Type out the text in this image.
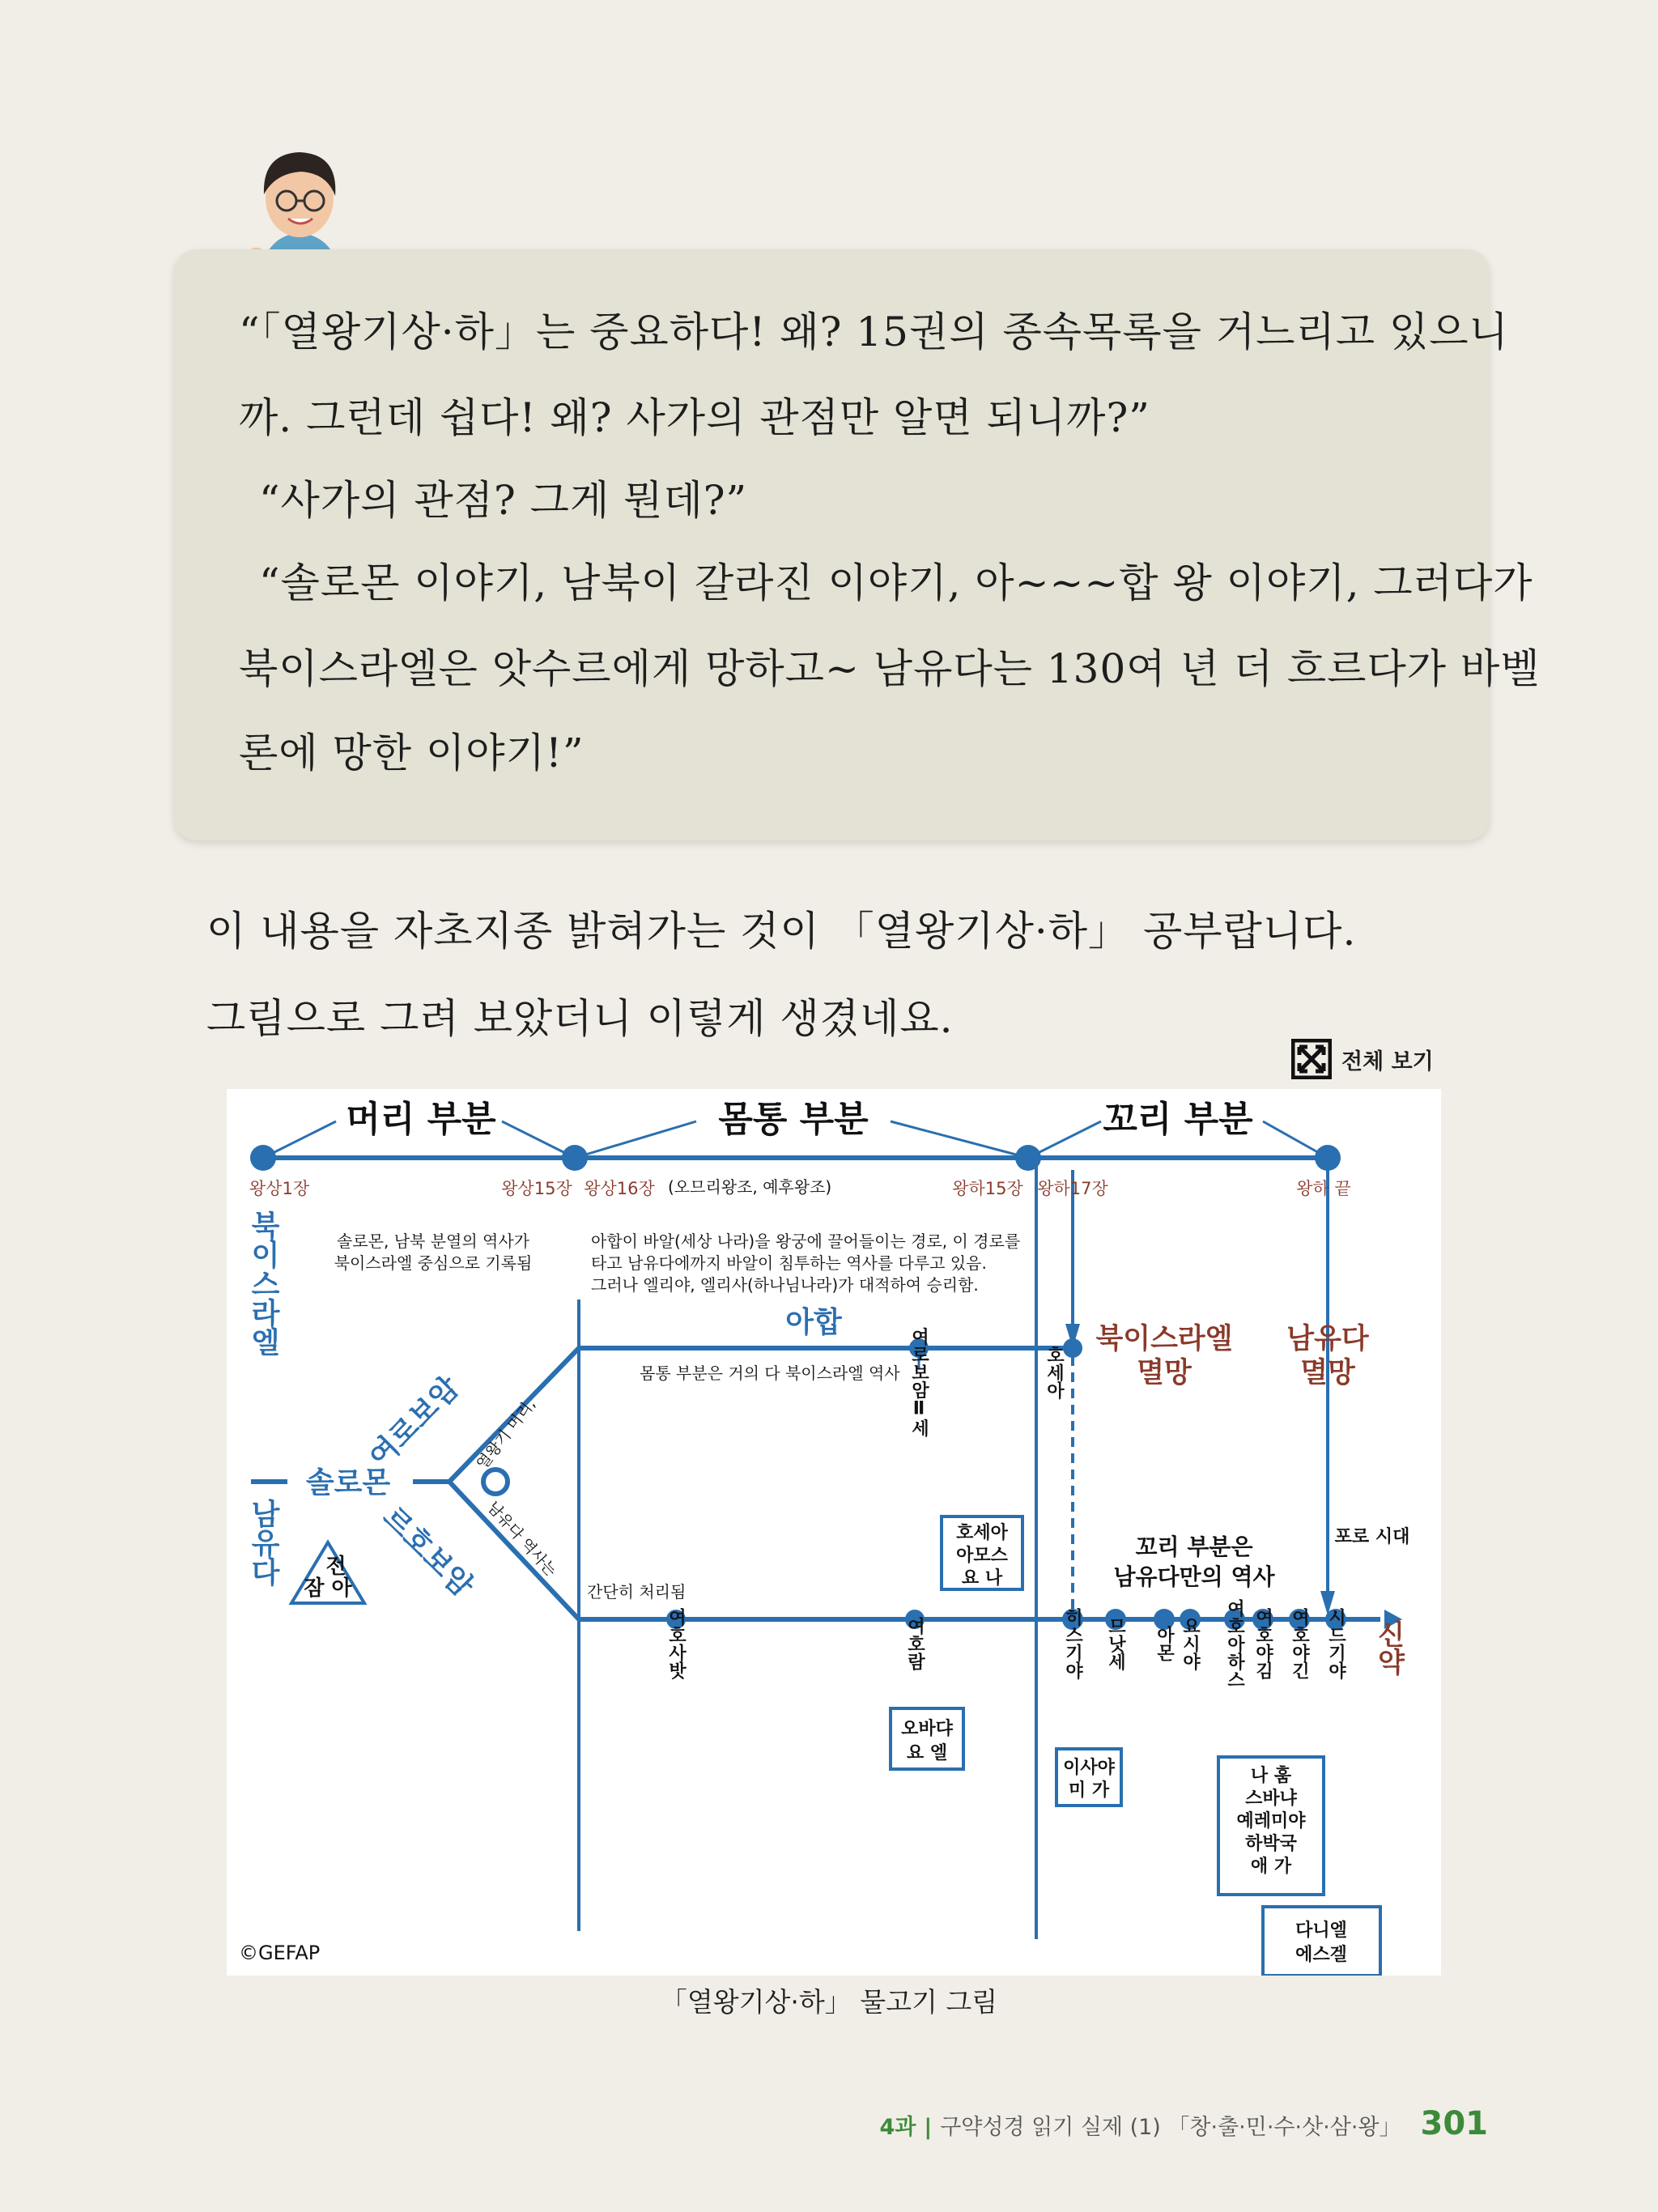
“「열왕기상·하」는 중요하다! 왜? 15권의 종속목록을 거느리고 있으니

까. 그런데 쉽다! 왜? 사가의 관점만 알면 되니까?”

“사가의 관점? 그게 뭔데?”

“솔로몬 이야기, 남북이 갈라진 이야기, 아~~~합 왕 이야기, 그러다가

북이스라엘은 앗수르에게 망하고~ 남유다는 130여 년 더 흐르다가 바벨

론에 망한 이야기!”

이 내용을 자초지종 밝혀가는 것이 「열왕기상·하」 공부랍니다.

그림으로 그려 보았더니 이렇게 생겼네요.

전체 보기
머리 부분	몸통 부분	꼬리 부분
왕상1장	왕상15장 왕상16장	왕하15장 왕하17장	왕하 끝
(오므리왕조, 예후왕조)
솔로몬, 남북 분열의 역사가
북이스라엘 중심으로 기록됨
아합이 바알(세상 나라)을 왕궁에 끌어들이는 경로, 이 경로를
타고 남유다에까지 바알이 침투하는 역사를 다루고 있음.
그러나 엘리야, 엘리사(하나님나라)가 대적하여 승리함.
몸통 부분은 거의 다 북이스라엘 역사
간단히 처리됨
아합	북이스라엘
멸망
남유다
멸망
북이스라엘
남유다
솔로몬
여로보암
르호보암
열왕기 머리,
남유다 역사는
전
잠 아
여로보암Ⅱ세	호세아
호세아
아모스
요 나
여호사밧	여호람
오바댜
요 엘
이사야
미 가
나 훔
스바냐
예레미야
하박국
애 가
다니엘
에스겔
히스기야 므낫세 아몬 요시야 여호아하스 여호야김 여호야긴 시드기야
꼬리 부분은
남유다만의 역사
포로 시대
신약
©GEFAP
「열왕기상·하」 물고기 그림
4과 | 구약성경 읽기 실제 (1) 「창·출·민·수·삿·삼·왕」 301
